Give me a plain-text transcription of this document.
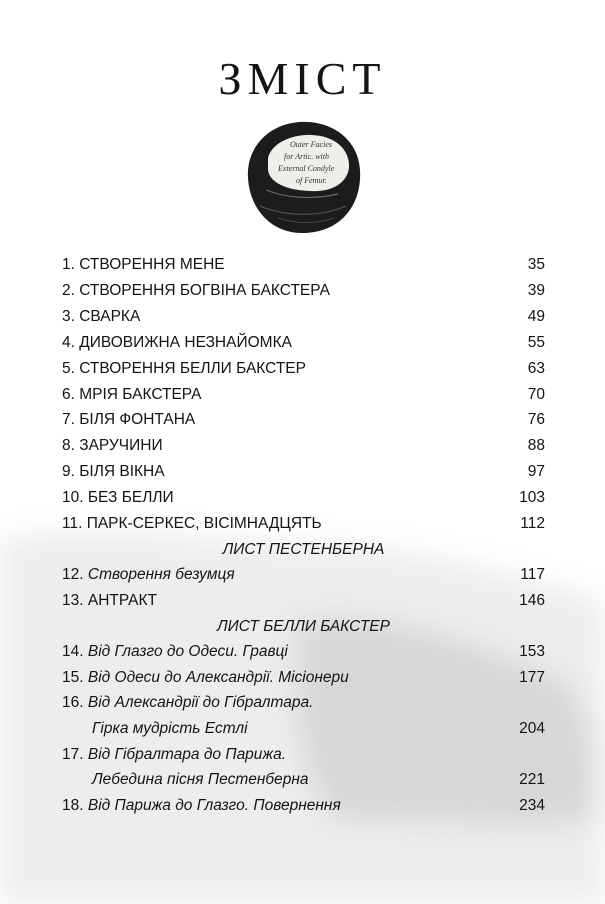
ЗМІСТ
Outer Facies
for Artic. with
External Condyle
of Femur.
1. СТВОРЕННЯ МЕНЕ	35
2. СТВОРЕННЯ БОГВІНА БАКСТЕРА	39
3. СВАРКА	49
4. ДИВОВИЖНА НЕЗНАЙОМКА	55
5. СТВОРЕННЯ БЕЛЛИ БАКСТЕР	63
6. МРІЯ БАКСТЕРА	70
7. БІЛЯ ФОНТАНА	76
8. ЗАРУЧИНИ	88
9. БІЛЯ ВІКНА	97
10. БЕЗ БЕЛЛИ	103
11. ПАРК-СЕРКЕС, ВІСІМНАДЦЯТЬ	112
ЛИСТ ПЕСТЕНБЕРНА
12. Створення безумця	117
13. АНТРАКТ	146
ЛИСТ БЕЛЛИ БАКСТЕР
14. Від Глазго до Одеси. Гравці	153
15. Від Одеси до Александрії. Місіонери	177
16. Від Александрії до Гібралтара.
Гірка мудрість Естлі	204
17. Від Гібралтара до Парижа.
Лебедина пісня Пестенберна	221
18. Від Парижа до Глазго. Повернення	234
